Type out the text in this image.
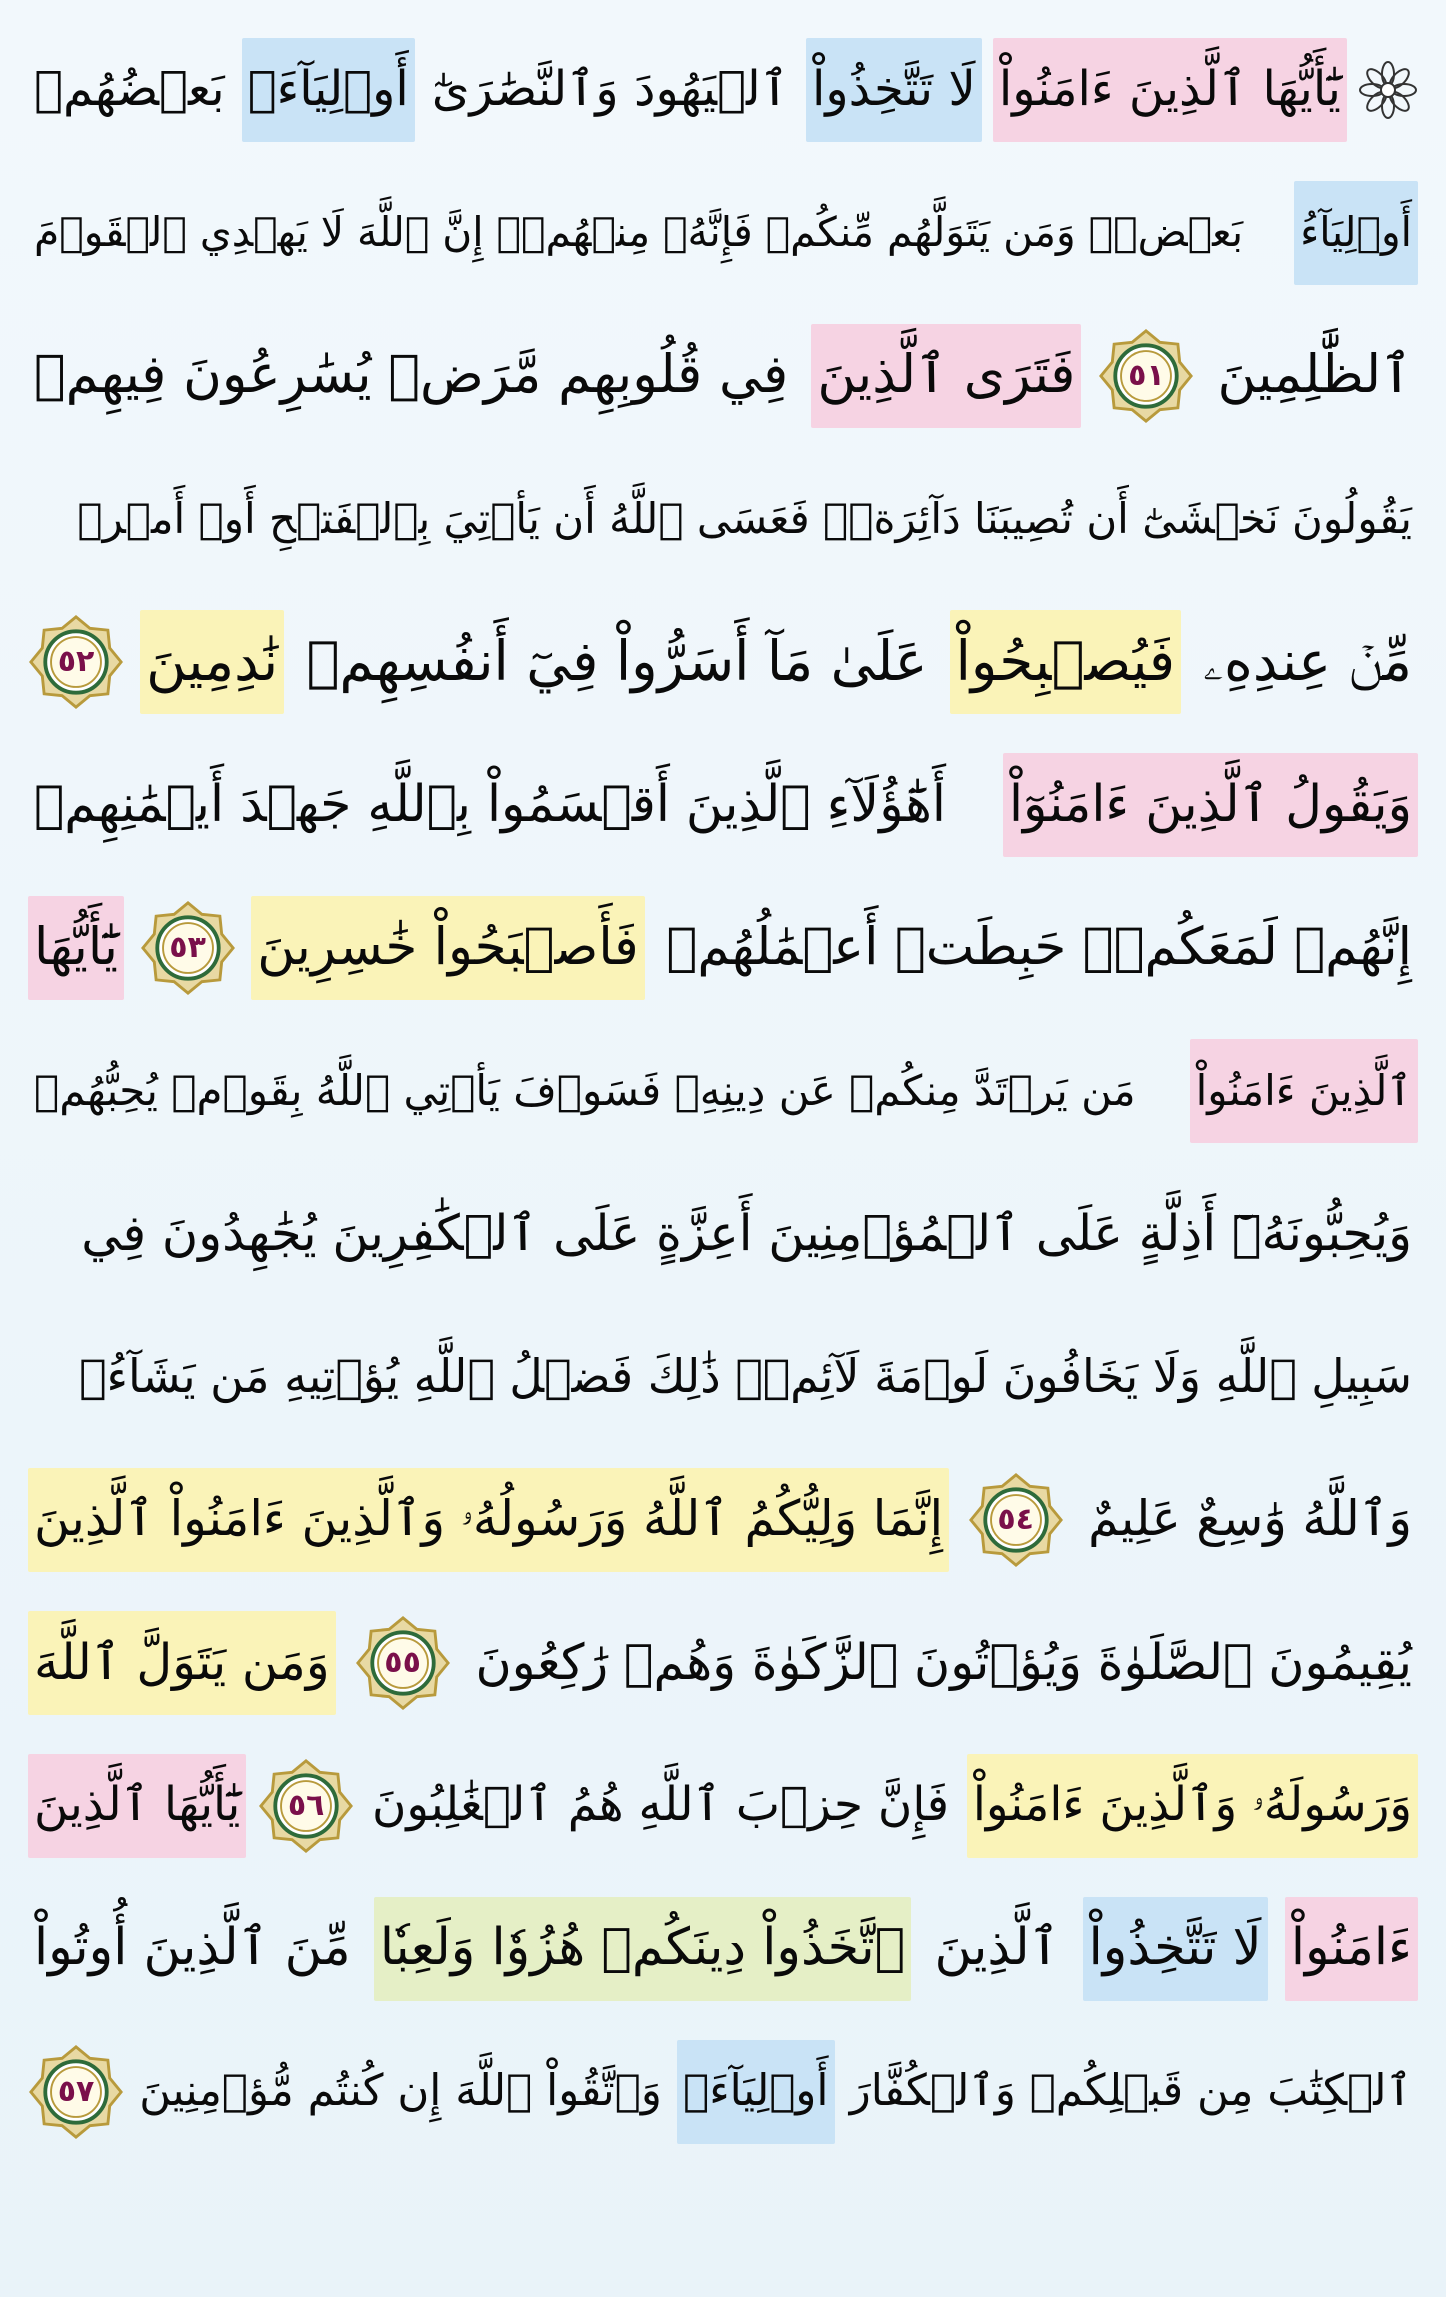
يَٰٓأَيُّهَا ٱلَّذِينَ ءَامَنُواْ
لَا تَتَّخِذُواْ
ٱلۡيَهُودَ وَٱلنَّصَٰرَىٰٓ
أَوۡلِيَآءَۘ
بَعۡضُهُمۡ
أَوۡلِيَآءُ
بَعۡضٖۚ وَمَن يَتَوَلَّهُم مِّنكُمۡ فَإِنَّهُۥ مِنۡهُمۡۗ إِنَّ ٱللَّهَ لَا يَهۡدِي ٱلۡقَوۡمَ
ٱلظَّٰلِمِينَ
٥١
فَتَرَى ٱلَّذِينَ
فِي قُلُوبِهِم مَّرَضٞ يُسَٰرِعُونَ فِيهِمۡ
يَقُولُونَ نَخۡشَىٰٓ أَن تُصِيبَنَا دَآئِرَةٞۚ فَعَسَى ٱللَّهُ أَن يَأۡتِيَ بِٱلۡفَتۡحِ أَوۡ أَمۡرٖ
مِّنۡ عِندِهِۦ
فَيُصۡبِحُواْ
عَلَىٰ مَآ أَسَرُّواْ فِيٓ أَنفُسِهِمۡ
نَٰدِمِينَ
٥٢
وَيَقُولُ ٱلَّذِينَ ءَامَنُوٓاْ
أَهَٰٓؤُلَآءِ ٱلَّذِينَ أَقۡسَمُواْ بِٱللَّهِ جَهۡدَ أَيۡمَٰنِهِمۡ
إِنَّهُمۡ لَمَعَكُمۡۚ حَبِطَتۡ أَعۡمَٰلُهُمۡ
فَأَصۡبَحُواْ خَٰسِرِينَ
٥٣
يَٰٓأَيُّهَا
ٱلَّذِينَ ءَامَنُواْ
مَن يَرۡتَدَّ مِنكُمۡ عَن دِينِهِۦ فَسَوۡفَ يَأۡتِي ٱللَّهُ بِقَوۡمٖ يُحِبُّهُمۡ
وَيُحِبُّونَهُۥٓ أَذِلَّةٍ عَلَى ٱلۡمُؤۡمِنِينَ أَعِزَّةٍ عَلَى ٱلۡكَٰفِرِينَ يُجَٰهِدُونَ فِي
سَبِيلِ ٱللَّهِ وَلَا يَخَافُونَ لَوۡمَةَ لَآئِمٖۚ ذَٰلِكَ فَضۡلُ ٱللَّهِ يُؤۡتِيهِ مَن يَشَآءُۚ
وَٱللَّهُ وَٰسِعٌ عَلِيمٌ
٥٤
إِنَّمَا وَلِيُّكُمُ ٱللَّهُ وَرَسُولُهُۥ وَٱلَّذِينَ ءَامَنُواْ ٱلَّذِينَ
يُقِيمُونَ ٱلصَّلَوٰةَ وَيُؤۡتُونَ ٱلزَّكَوٰةَ وَهُمۡ رَٰكِعُونَ
٥٥
وَمَن يَتَوَلَّ ٱللَّهَ
وَرَسُولَهُۥ وَٱلَّذِينَ ءَامَنُواْ
فَإِنَّ حِزۡبَ ٱللَّهِ هُمُ ٱلۡغَٰلِبُونَ
٥٦
يَٰٓأَيُّهَا ٱلَّذِينَ
ءَامَنُواْ
لَا تَتَّخِذُواْ
ٱلَّذِينَ
ٱتَّخَذُواْ دِينَكُمۡ هُزُوٗا وَلَعِبٗا
مِّنَ ٱلَّذِينَ أُوتُواْ
ٱلۡكِتَٰبَ مِن قَبۡلِكُمۡ وَٱلۡكُفَّارَ
أَوۡلِيَآءَۚ
وَٱتَّقُواْ ٱللَّهَ إِن كُنتُم مُّؤۡمِنِينَ
٥٧
